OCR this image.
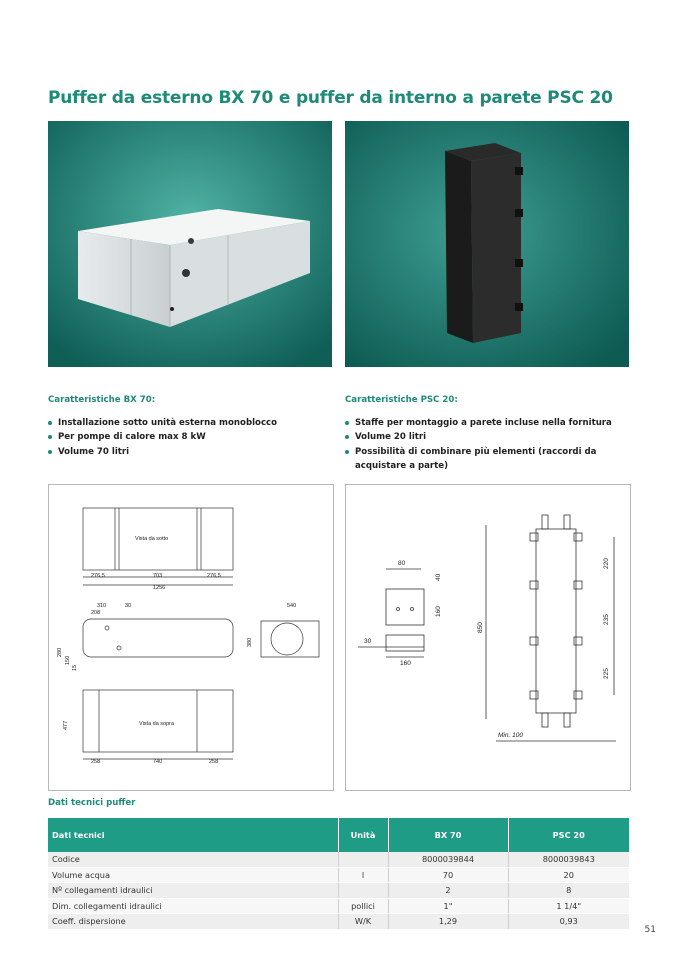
Puffer da esterno BX 70 e puffer da interno a parete PSC 20
Caratteristiche BX 70:
Installazione sotto unità esterna monoblocco
Per pompe di calore max 8 kW
Volume 70 litri
Caratteristiche PSC 20:
Staffe per montaggio a parete incluse nella fornitura
Volume 20 litri
Possibilità di combinare più elementi (raccordi da acquistare a parte)
Vista da sotto
276,5	703	276,5
1256
310	30
208
280
150
15
540
380
Vista da sopra
477
258	740	258
80
40
160
30
160
850
220
235
225
Min. 100
Dati tecnici puffer
Dati tecnici	Unità	BX 70	PSC 20
Codice		8000039844	8000039843
Volume acqua	l	70	20
Nº collegamenti idraulici		2	8
Dim. collegamenti idraulici	pollici	1"	1 1/4"
Coeff. dispersione	W/K	1,29	0,93
51
